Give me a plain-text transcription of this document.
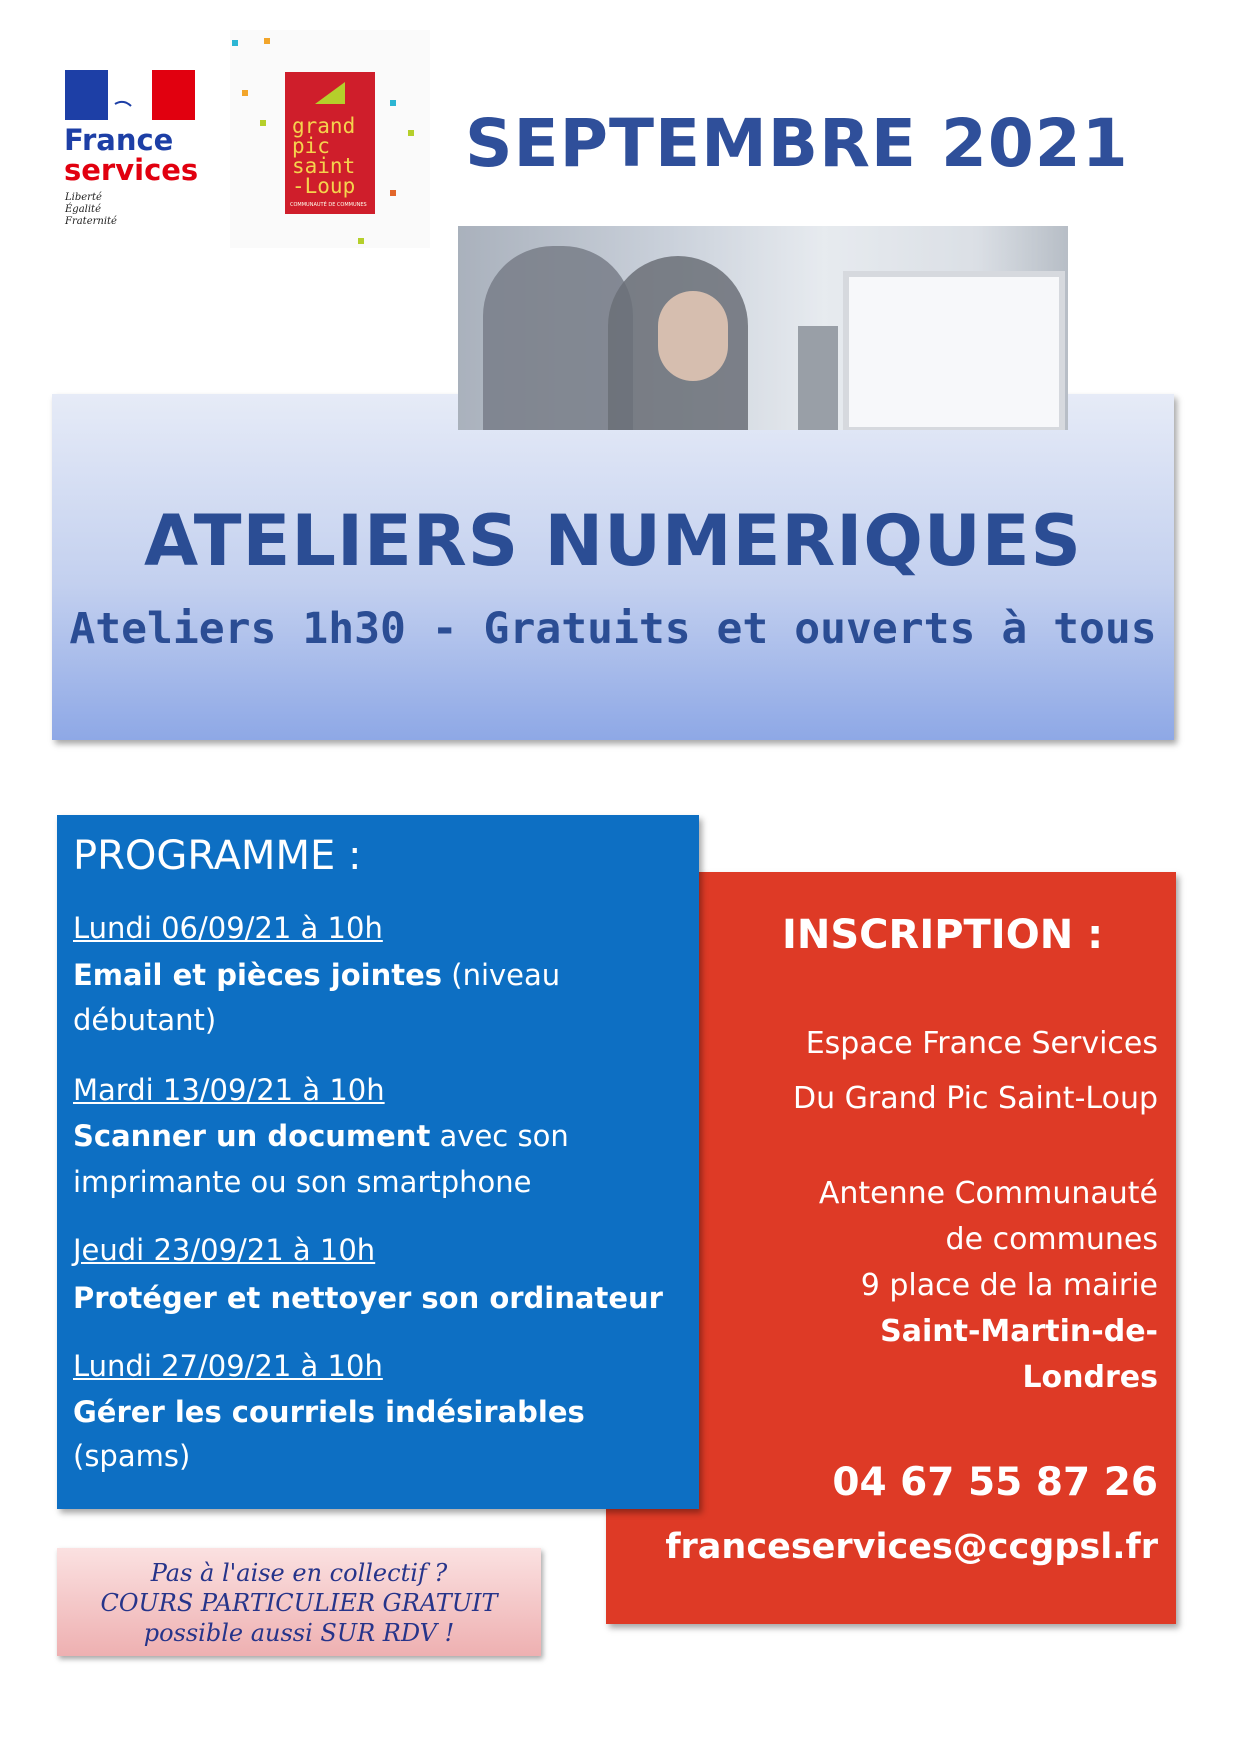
France
services
Liberté
Égalité
Fraternité
grand
pic
saint
-Loup
COMMUNAUTÉ DE COMMUNES
SEPTEMBRE 2021
ATELIERS NUMERIQUES
Ateliers 1h30 - Gratuits et ouverts à tous
INSCRIPTION :
Espace France Services
Du Grand Pic Saint-Loup
Antenne Communauté
de communes
9 place de la mairie
Saint-Martin-de-
Londres
04 67 55 87 26
franceservices@ccgpsl.fr
PROGRAMME :
Lundi 06/09/21 à 10h
Email et pièces jointes (niveau
débutant)
Mardi 13/09/21 à 10h
Scanner un document avec son
imprimante ou son smartphone
Jeudi 23/09/21 à 10h
Protéger et nettoyer son ordinateur
Lundi 27/09/21 à 10h
Gérer les courriels indésirables
(spams)
Pas à l'aise en collectif ?
COURS PARTICULIER GRATUIT
possible aussi SUR RDV !
